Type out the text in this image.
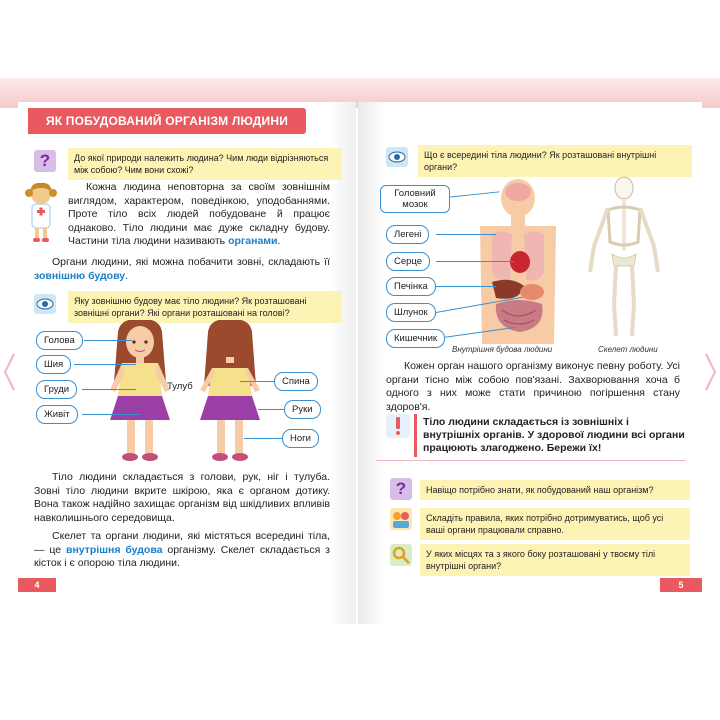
ЯК ПОБУДОВАНИЙ ОРГАНІЗМ ЛЮДИНИ
?	До якої природи належить людина? Чим люди відрізняються між собою? Чим вони схожі?
Кожна людина неповторна за своїм зовнішнім виглядом, характером, поведінкою, уподобаннями. Проте тіло всіх людей побудоване й працює однаково. Тіло людини має дуже складну будову. Частини тіла людини називають органами.
Органи людини, які можна побачити зовні, складають її зовнішню будову.
Яку зовнішню будову має тіло людини? Як розташовані зовнішні органи? Які органи розташовані на голові?
Голова
Шия
Груди
Живіт
Тулуб	Спина
Руки
Ноги
Тіло людини складається з голови, рук, ніг і тулуба. Зовні тіло людини вкрите шкірою, яка є органом дотику. Вона також надійно захищає організм від шкідливих впливів навколишнього середовища.
Скелет та органи людини, які містяться всередині тіла, — це внутрішня будова організму. Скелет складається з кісток і є опорою тіла людини.
4
Що є всередині тіла людини? Як розташовані внутрішні органи?
Головний мозок
Легені
Серце
Печінка
Шлунок
Кишечник
Внутрішня будова людини	Скелет людини
Кожен орган нашого організму виконує певну роботу. Усі органи тісно між собою пов'язані. Захворювання хоча б одного з них може стати причиною погіршення стану здоров'я.
Тіло людини складається із зовнішніх і внутрішніх органів. У здорової людини всі органи працюють злагоджено. Бережи їх!
?	Навіщо потрібно знати, як побудований наш організм?
Складіть правила, яких потрібно дотримуватись, щоб усі ваші органи працювали справно.
У яких місцях та з якого боку розташовані у твоєму тілі внутрішні органи?
5
